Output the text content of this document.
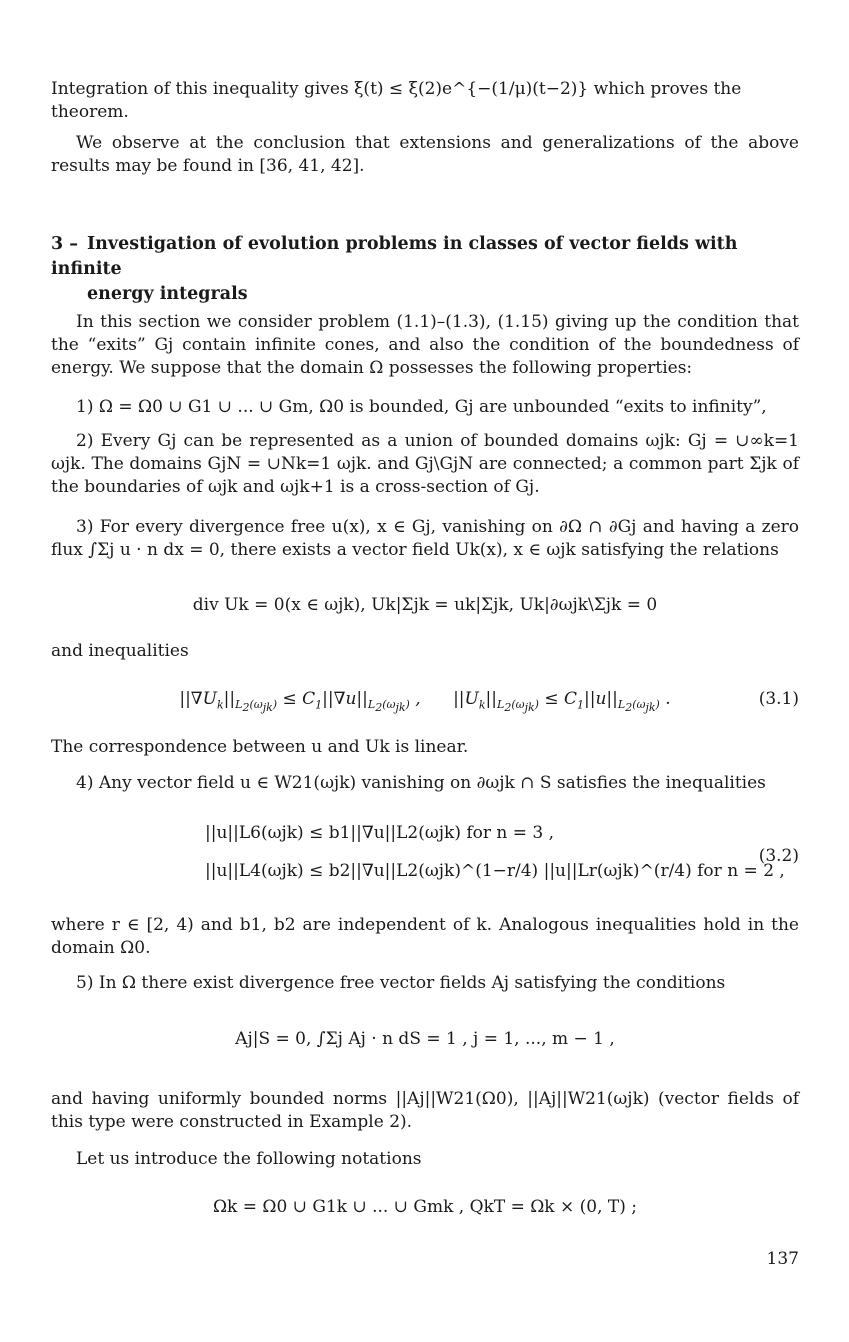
Integration of this inequality gives ξ(t) ≤ ξ(2)e^{−(1/μ)(t−2)} which proves the theorem.

We observe at the conclusion that extensions and generalizations of the above results may be found in [36, 41, 42].

3 – Investigation of evolution problems in classes of vector fields with infinite
energy integrals

In this section we consider problem (1.1)–(1.3), (1.15) giving up the condition that the “exits” Gj contain infinite cones, and also the condition of the boundedness of energy. We suppose that the domain Ω possesses the following properties:

1) Ω = Ω0 ∪ G1 ∪ ... ∪ Gm, Ω0 is bounded, Gj are unbounded “exits to infinity”,

2) Every Gj can be represented as a union of bounded domains ωjk: Gj = ∪∞k=1 ωjk. The domains GjN = ∪Nk=1 ωjk. and Gj\GjN are connected; a common part Σjk of the boundaries of ωjk and ωjk+1 is a cross-section of Gj.

3) For every divergence free u(x), x ∈ Gj, vanishing on ∂Ω ∩ ∂Gj and having a zero flux ∫Σj u · n dx = 0, there exists a vector field Uk(x), x ∈ ωjk satisfying the relations

div Uk = 0(x ∈ ωjk), Uk|Σjk = uk|Σjk, Uk|∂ωjk\Σjk = 0

and inequalities

$||\nabla U_k||_{L_2(\omega_{jk})} \le C_1||\nabla u||_{L_2(\omega_{jk})}$ ,      $||U_k||_{L_2(\omega_{jk})} \le C_1||u||_{L_2(\omega_{jk})}$ .	(3.1)

The correspondence between u and Uk is linear.

4) Any vector field u ∈ W21(ωjk) vanishing on ∂ωjk ∩ S satisfies the inequalities

||u||L6(ωjk) ≤ b1||∇u||L2(ωjk) for n = 3 ,
||u||L4(ωjk) ≤ b2||∇u||L2(ωjk)^(1−r/4) ||u||Lr(ωjk)^(r/4) for n = 2 ,
(3.2)

where r ∈ [2, 4) and b1, b2 are independent of k. Analogous inequalities hold in the domain Ω0.

5) In Ω there exist divergence free vector fields Aj satisfying the conditions

Aj|S = 0, ∫Σj Aj · n dS = 1 , j = 1, ..., m − 1 ,

and having uniformly bounded norms ||Aj||W21(Ω0), ||Aj||W21(ωjk) (vector fields of this type were constructed in Example 2).

Let us introduce the following notations

Ωk = Ω0 ∪ G1k ∪ ... ∪ Gmk , QkT = Ωk × (0, T) ;
137
